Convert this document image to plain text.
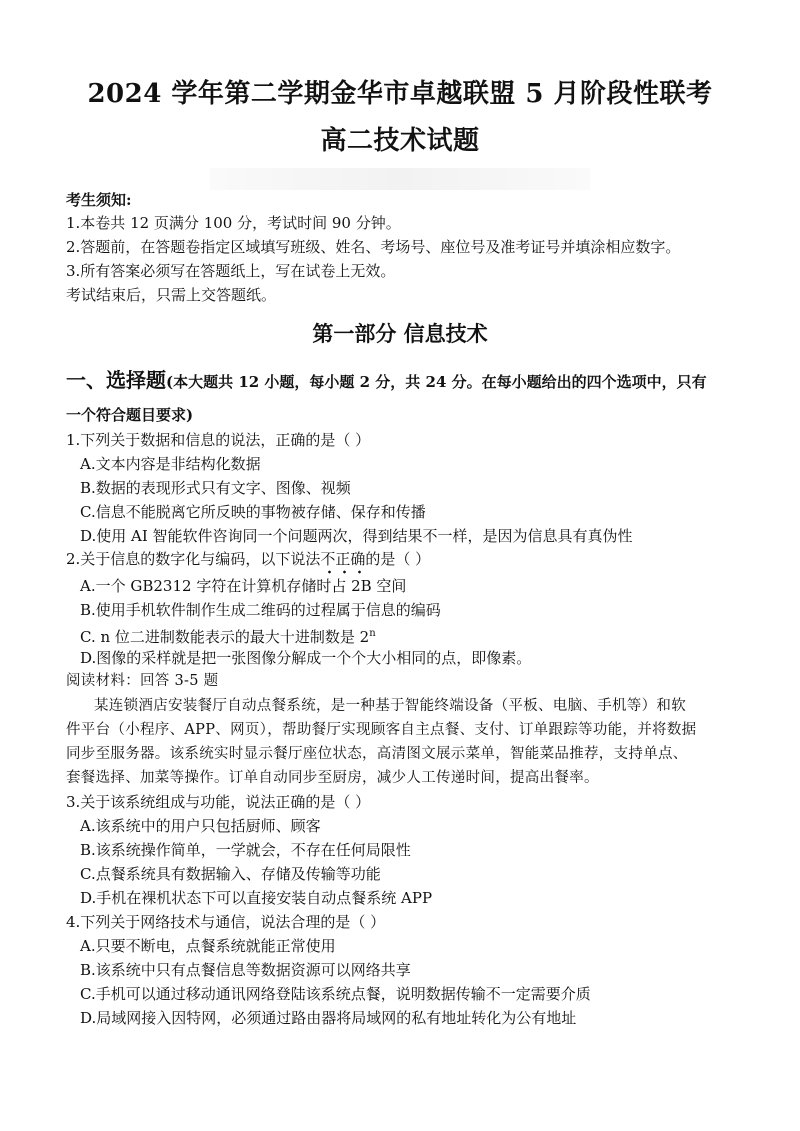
2024 学年第二学期金华市卓越联盟 5 月阶段性联考
高二技术试题
考生须知:
1.本卷共 12 页满分 100 分，考试时间 90 分钟。
2.答题前，在答题卷指定区域填写班级、姓名、考场号、座位号及准考证号并填涂相应数字。
3.所有答案必须写在答题纸上，写在试卷上无效。
考试结束后，只需上交答题纸。
第一部分 信息技术
一、选择题(本大题共 12 小题，每小题 2 分，共 24 分。在每小题给出的四个选项中，只有
一个符合题目要求)
1.下列关于数据和信息的说法，正确的是（ ）
A.文本内容是非结构化数据
B.数据的表现形式只有文字、图像、视频
C.信息不能脱离它所反映的事物被存储、保存和传播
D.使用 AI 智能软件咨询同一个问题两次，得到结果不一样，是因为信息具有真伪性
2.关于信息的数字化与编码，以下说法不正确
的是（ ）
A.一个 GB2312 字符在计算机存储时占 2B 空间
B.使用手机软件制作生成二维码的过程属于信息的编码
C. n 位二进制数能表示的最大十进制数是 2$^n$
D.图像的采样就是把一张图像分解成一个个大小相同的点，即像素。
阅读材料：回答 3-5 题
某连锁酒店安装餐厅自动点餐系统，是一种基于智能终端设备（平板、电脑、手机等）和软
件平台（小程序、APP、网页），帮助餐厅实现顾客自主点餐、支付、订单跟踪等功能，并将数据
同步至服务器。该系统实时显示餐厅座位状态，高清图文展示菜单，智能菜品推荐，支持单点、
套餐选择、加菜等操作。订单自动同步至厨房，减少人工传递时间，提高出餐率。
3.关于该系统组成与功能，说法正确的是（ ）
A.该系统中的用户只包括厨师、顾客
B.该系统操作简单，一学就会，不存在任何局限性
C.点餐系统具有数据输入、存储及传输等功能
D.手机在裸机状态下可以直接安装自动点餐系统 APP
4.下列关于网络技术与通信，说法合理的是（ ）
A.只要不断电，点餐系统就能正常使用
B.该系统中只有点餐信息等数据资源可以网络共享
C.手机可以通过移动通讯网络登陆该系统点餐，说明数据传输不一定需要介质
D.局域网接入因特网，必须通过路由器将局域网的私有地址转化为公有地址
